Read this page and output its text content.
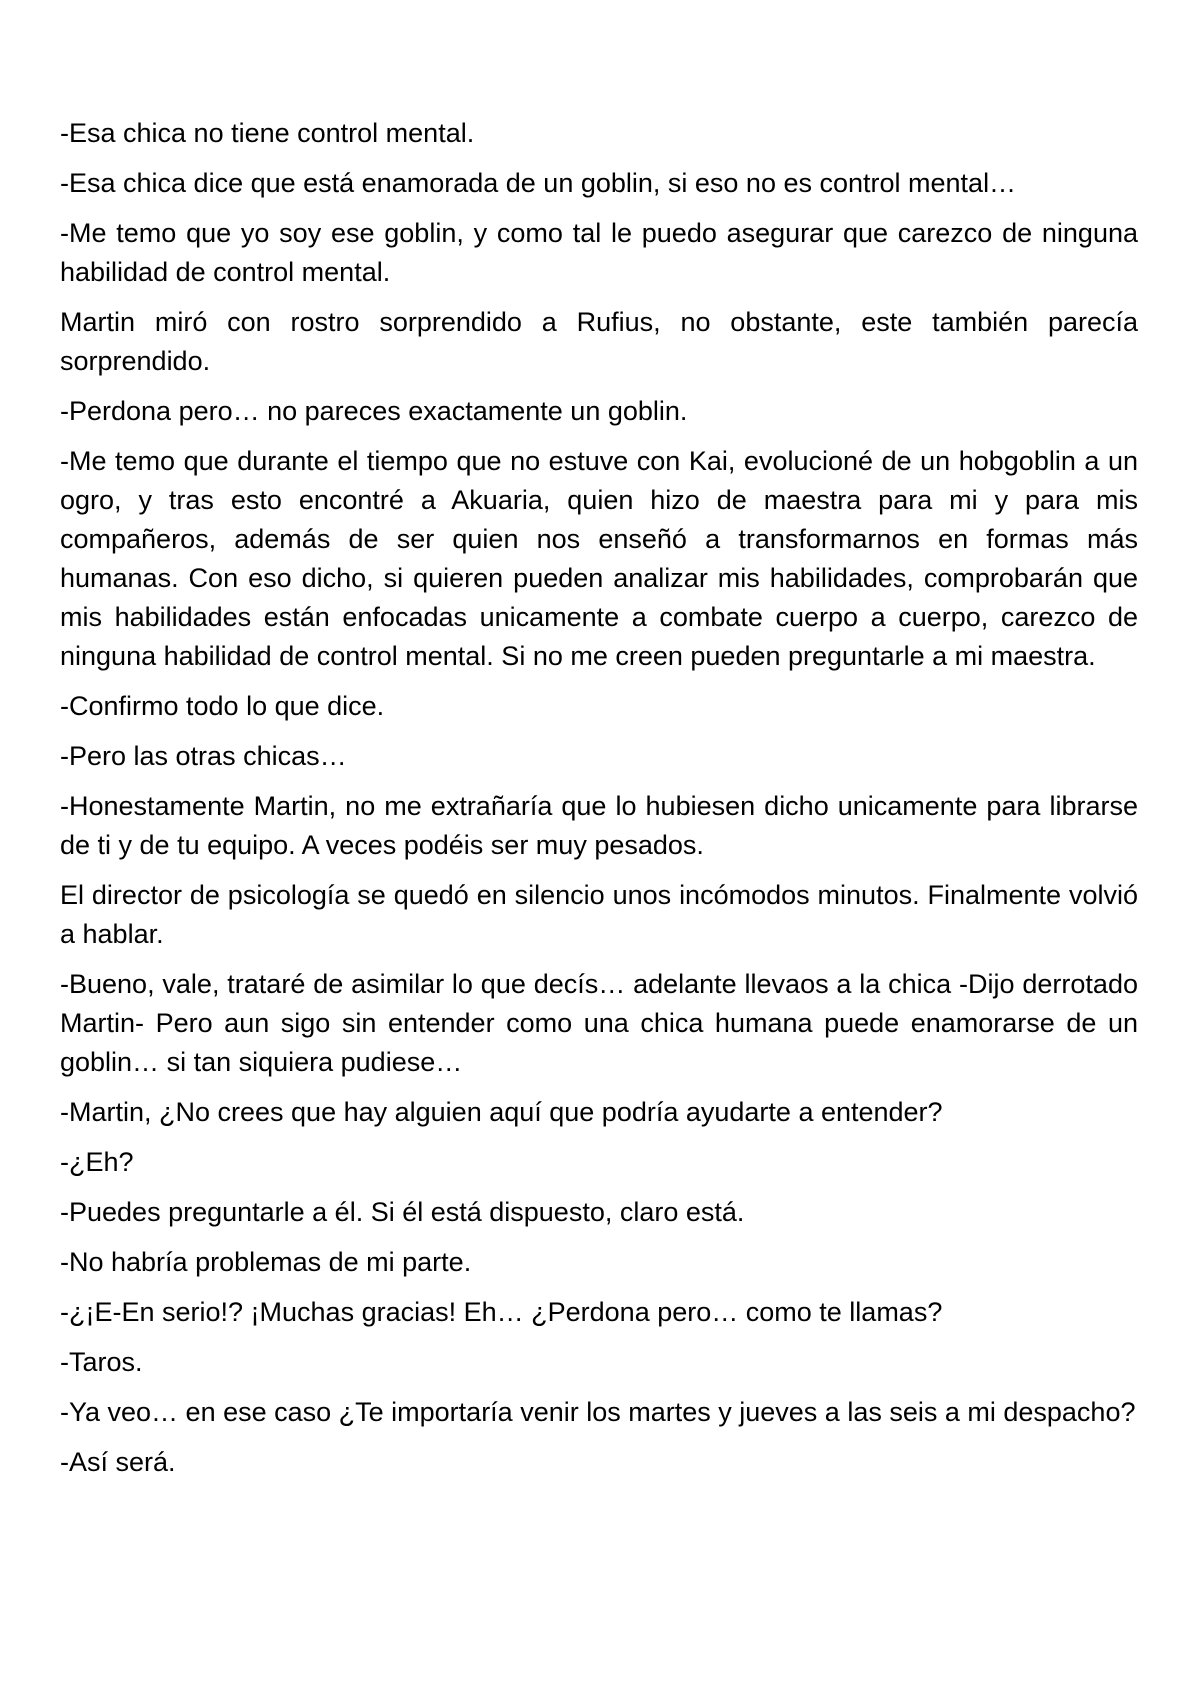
-Esa chica no tiene control mental.

-Esa chica dice que está enamorada de un goblin, si eso no es control mental…

-Me temo que yo soy ese goblin, y como tal le puedo asegurar que carezco de ninguna habilidad de control mental.

Martin miró con rostro sorprendido a Rufius, no obstante, este también parecía sorprendido.

-Perdona pero… no pareces exactamente un goblin.

-Me temo que durante el tiempo que no estuve con Kai, evolucioné de un hobgoblin a un ogro, y tras esto encontré a Akuaria, quien hizo de maestra para mi y para mis compañeros, además de ser quien nos enseñó a transformarnos en formas más humanas. Con eso dicho, si quieren pueden analizar mis habilidades, comprobarán que mis habilidades están enfocadas unicamente a combate cuerpo a cuerpo, carezco de ninguna habilidad de control mental. Si no me creen pueden preguntarle a mi maestra.

-Confirmo todo lo que dice.

-Pero las otras chicas…

-Honestamente Martin, no me extrañaría que lo hubiesen dicho unicamente para librarse de ti y de tu equipo. A veces podéis ser muy pesados.

El director de psicología se quedó en silencio unos incómodos minutos. Finalmente volvió a hablar.

-Bueno, vale, trataré de asimilar lo que decís… adelante llevaos a la chica -Dijo derrotado Martin- Pero aun sigo sin entender como una chica humana puede enamorarse de un goblin… si tan siquiera pudiese…

-Martin, ¿No crees que hay alguien aquí que podría ayudarte a entender?

-¿Eh?

-Puedes preguntarle a él. Si él está dispuesto, claro está.

-No habría problemas de mi parte.

-¿¡E-En serio!? ¡Muchas gracias! Eh… ¿Perdona pero… como te llamas?

-Taros.

-Ya veo… en ese caso ¿Te importaría venir los martes y jueves a las seis a mi despacho?

-Así será.
